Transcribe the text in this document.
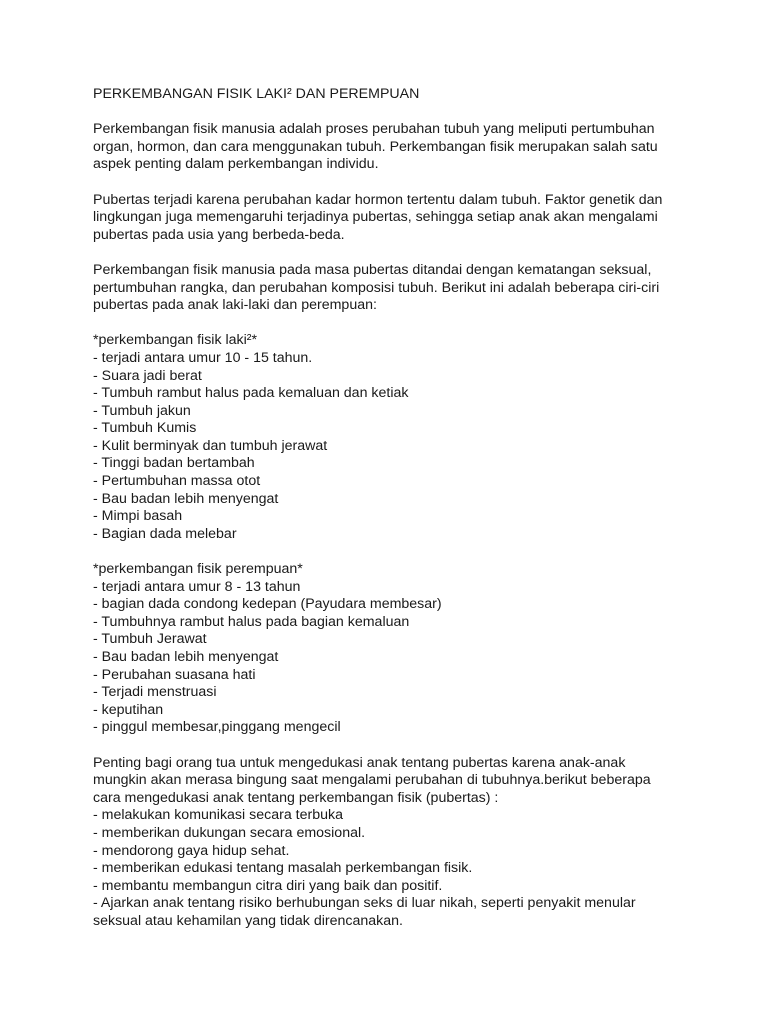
PERKEMBANGAN FISIK LAKI² DAN PEREMPUAN
Perkembangan fisik manusia adalah proses perubahan tubuh yang meliputi pertumbuhan
organ, hormon, dan cara menggunakan tubuh. Perkembangan fisik merupakan salah satu
aspek penting dalam perkembangan individu.
Pubertas terjadi karena perubahan kadar hormon tertentu dalam tubuh. Faktor genetik dan
lingkungan juga memengaruhi terjadinya pubertas, sehingga setiap anak akan mengalami
pubertas pada usia yang berbeda-beda.
Perkembangan fisik manusia pada masa pubertas ditandai dengan kematangan seksual,
pertumbuhan rangka, dan perubahan komposisi tubuh. Berikut ini adalah beberapa ciri-ciri
pubertas pada anak laki-laki dan perempuan:
*perkembangan fisik laki²*
- terjadi antara umur 10 - 15 tahun.
- Suara jadi berat
- Tumbuh rambut halus pada kemaluan dan ketiak
- Tumbuh jakun
- Tumbuh Kumis
- Kulit berminyak dan tumbuh jerawat
- Tinggi badan bertambah
- Pertumbuhan massa otot
- Bau badan lebih menyengat
- Mimpi basah
- Bagian dada melebar
*perkembangan fisik perempuan*
- terjadi antara umur 8 - 13 tahun
- bagian dada condong kedepan (Payudara membesar)
- Tumbuhnya rambut halus pada bagian kemaluan
- Tumbuh Jerawat
- Bau badan lebih menyengat
- Perubahan suasana hati
- Terjadi menstruasi
- keputihan
- pinggul membesar,pinggang mengecil
Penting bagi orang tua untuk mengedukasi anak tentang pubertas karena anak-anak
mungkin akan merasa bingung saat mengalami perubahan di tubuhnya.berikut beberapa
cara mengedukasi anak tentang perkembangan fisik (pubertas) :
- melakukan komunikasi secara terbuka
- memberikan dukungan secara emosional.
- mendorong gaya hidup sehat.
- memberikan edukasi tentang masalah perkembangan fisik.
- membantu membangun citra diri yang baik dan positif.
- Ajarkan anak tentang risiko berhubungan seks di luar nikah, seperti penyakit menular
seksual atau kehamilan yang tidak direncanakan.
